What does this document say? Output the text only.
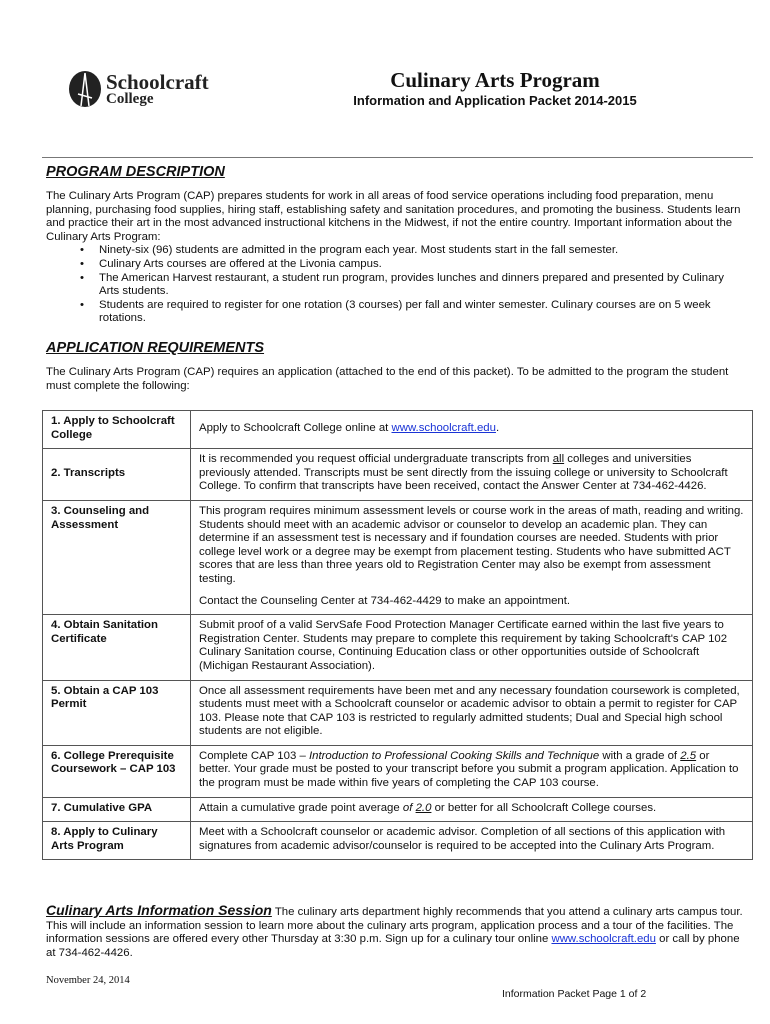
Schoolcraft
College
Culinary Arts Program
Information and Application Packet 2014-2015
PROGRAM DESCRIPTION
The Culinary Arts Program (CAP) prepares students for work in all areas of food service operations including food preparation, menu planning, purchasing food supplies, hiring staff, establishing safety and sanitation procedures, and promoting the business. Students learn and practice their art in the most advanced instructional kitchens in the Midwest, if not the entire country. Important information about the Culinary Arts Program:
• Ninety-six (96) students are admitted in the program each year. Most students start in the fall semester.
• Culinary Arts courses are offered at the Livonia campus.
• The American Harvest restaurant, a student run program, provides lunches and dinners prepared and presented by Culinary Arts students.
• Students are required to register for one rotation (3 courses) per fall and winter semester. Culinary courses are on 5 week rotations.
APPLICATION REQUIREMENTS
The Culinary Arts Program (CAP) requires an application (attached to the end of this packet). To be admitted to the program the student must complete the following:
1. Apply to Schoolcraft College	Apply to Schoolcraft College online at www.schoolcraft.edu.
2. Transcripts	It is recommended you request official undergraduate transcripts from all colleges and universities previously attended. Transcripts must be sent directly from the issuing college or university to Schoolcraft College. To confirm that transcripts have been received, contact the Answer Center at 734-462-4426.
3. Counseling and Assessment	This program requires minimum assessment levels or course work in the areas of math, reading and writing. Students should meet with an academic advisor or counselor to develop an academic plan. They can determine if an assessment test is necessary and if foundation courses are needed. Students with prior college level work or a degree may be exempt from placement testing. Students who have submitted ACT scores that are less than three years old to Registration Center may also be exempt from assessment testing.
Contact the Counseling Center at 734-462-4429 to make an appointment.

4. Obtain Sanitation Certificate	Submit proof of a valid ServSafe Food Protection Manager Certificate earned within the last five years to Registration Center. Students may prepare to complete this requirement by taking Schoolcraft's CAP 102 Culinary Sanitation course, Continuing Education class or other opportunities outside of Schoolcraft (Michigan Restaurant Association).
5. Obtain a CAP 103 Permit	Once all assessment requirements have been met and any necessary foundation coursework is completed, students must meet with a Schoolcraft counselor or academic advisor to obtain a permit to register for CAP 103. Please note that CAP 103 is restricted to regularly admitted students; Dual and Special high school students are not eligible.
6. College Prerequisite Coursework – CAP 103	Complete CAP 103 – Introduction to Professional Cooking Skills and Technique with a grade of 2.5 or better. Your grade must be posted to your transcript before you submit a program application. Application to the program must be made within five years of completing the CAP 103 course.
7. Cumulative GPA	Attain a cumulative grade point average of 2.0 or better for all Schoolcraft College courses.
8. Apply to Culinary Arts Program	Meet with a Schoolcraft counselor or academic advisor. Completion of all sections of this application with signatures from academic advisor/counselor is required to be accepted into the Culinary Arts Program.
Culinary Arts Information Session The culinary arts department highly recommends that you attend a culinary arts campus tour. This will include an information session to learn more about the culinary arts program, application process and a tour of the facilities. The information sessions are offered every other Thursday at 3:30 p.m. Sign up for a culinary tour online www.schoolcraft.edu or call by phone at 734-462-4426.
November 24, 2014
Information Packet Page 1 of 2
